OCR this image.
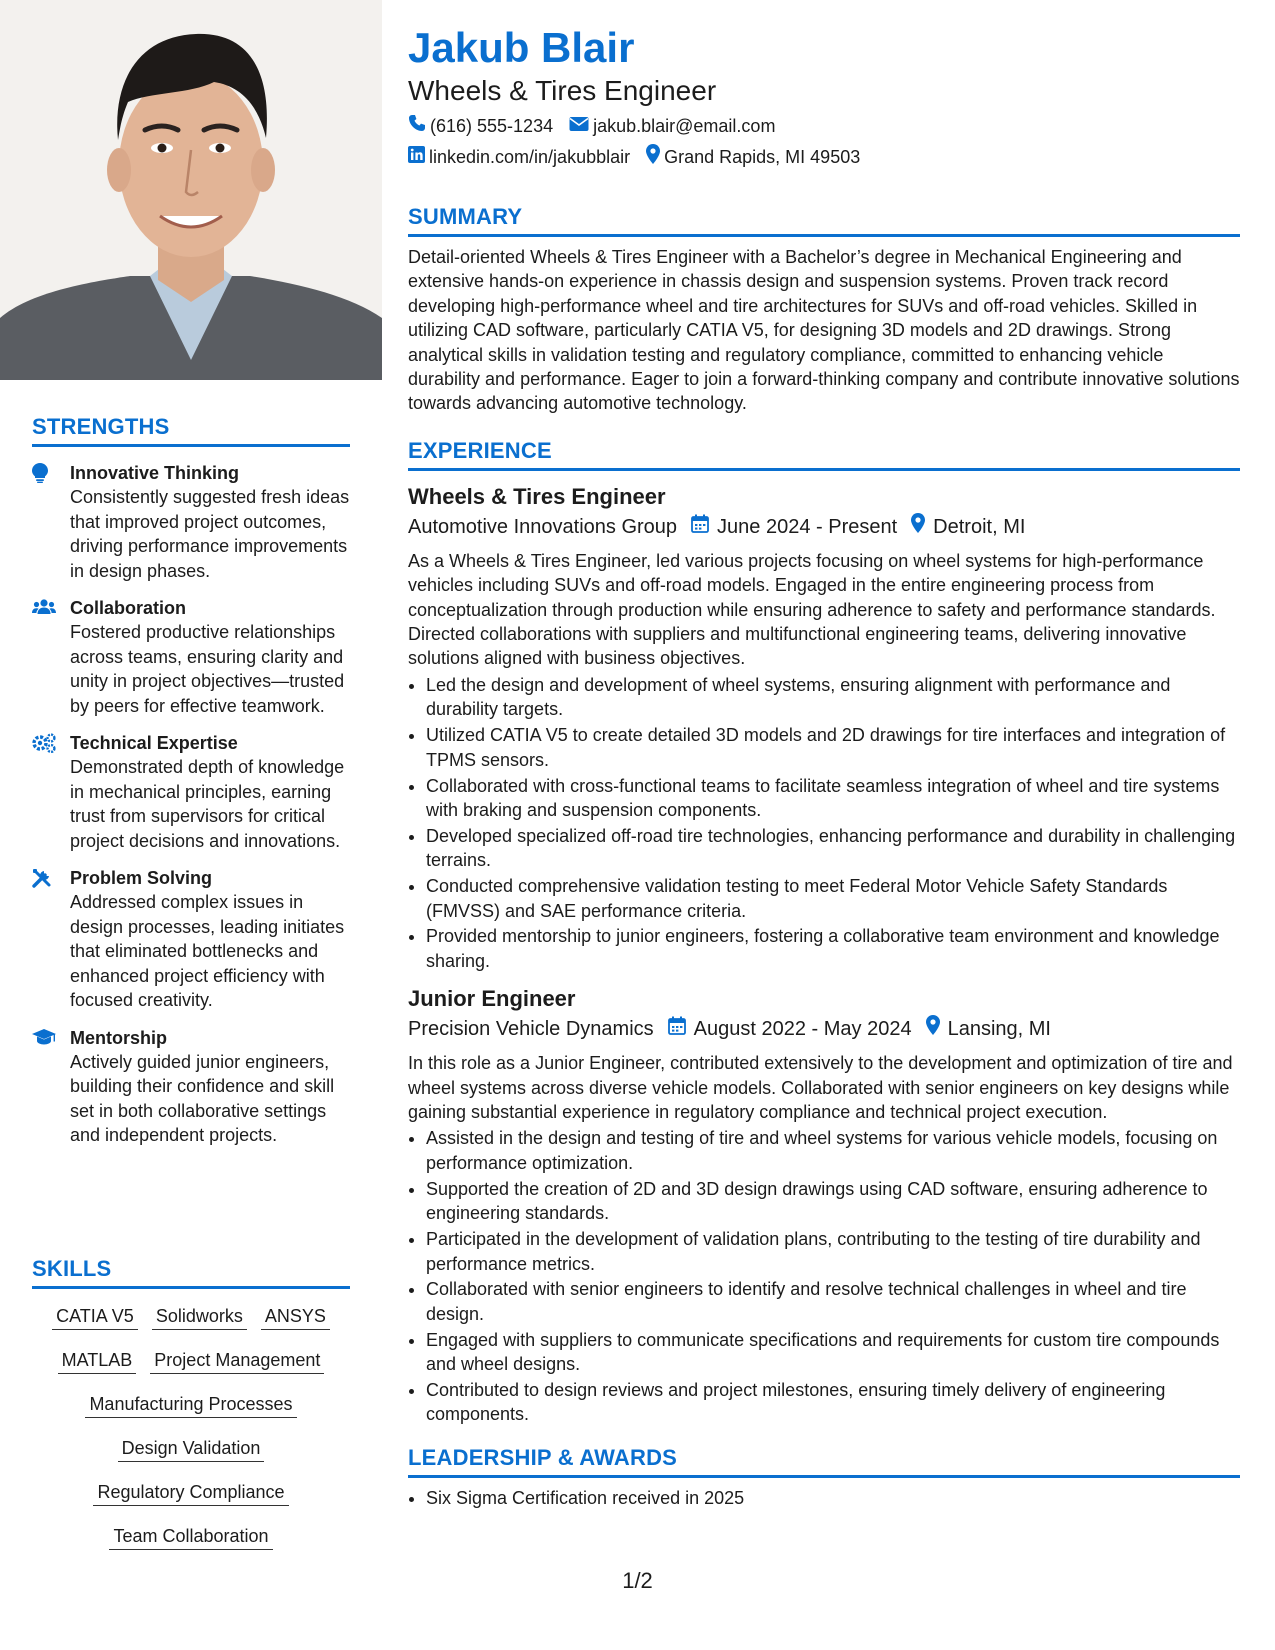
STRENGTHS
Innovative Thinking
Consistently suggested fresh ideas that improved project outcomes, driving performance improvements in design phases.
Collaboration
Fostered productive relationships across teams, ensuring clarity and unity in project objectives—trusted by peers for effective teamwork.
Technical Expertise
Demonstrated depth of knowledge in mechanical principles, earning trust from supervisors for critical project decisions and innovations.
Problem Solving
Addressed complex issues in design processes, leading initiates that eliminated bottlenecks and enhanced project efficiency with focused creativity.
Mentorship
Actively guided junior engineers, building their confidence and skill set in both collaborative settings and independent projects.
SKILLS
CATIA V5 Solidworks ANSYS
MATLAB Project Management
Manufacturing Processes
Design Validation
Regulatory Compliance
Team Collaboration
Jakub Blair
Wheels & Tires Engineer
(616) 555-1234 jakub.blair@email.com
linkedin.com/in/jakubblair Grand Rapids, MI 49503
SUMMARY

Detail-oriented Wheels & Tires Engineer with a Bachelor’s degree in Mechanical Engineering and extensive hands-on experience in chassis design and suspension systems. Proven track record developing high-performance wheel and tire architectures for SUVs and off-road vehicles. Skilled in utilizing CAD software, particularly CATIA V5, for designing 3D models and 2D drawings. Strong analytical skills in validation testing and regulatory compliance, committed to enhancing vehicle durability and performance. Eager to join a forward-thinking company and contribute innovative solutions towards advancing automotive technology.

EXPERIENCE
Wheels & Tires Engineer
Automotive Innovations Group June 2024 - Present Detroit, MI

As a Wheels & Tires Engineer, led various projects focusing on wheel systems for high-performance vehicles including SUVs and off-road models. Engaged in the entire engineering process from conceptualization through production while ensuring adherence to safety and performance standards. Directed collaborations with suppliers and multifunctional engineering teams, delivering innovative solutions aligned with business objectives.

• Led the design and development of wheel systems, ensuring alignment with performance and durability targets.
• Utilized CATIA V5 to create detailed 3D models and 2D drawings for tire interfaces and integration of TPMS sensors.
• Collaborated with cross-functional teams to facilitate seamless integration of wheel and tire systems with braking and suspension components.
• Developed specialized off-road tire technologies, enhancing performance and durability in challenging terrains.
• Conducted comprehensive validation testing to meet Federal Motor Vehicle Safety Standards (FMVSS) and SAE performance criteria.
• Provided mentorship to junior engineers, fostering a collaborative team environment and knowledge sharing.
Junior Engineer
Precision Vehicle Dynamics August 2022 - May 2024 Lansing, MI

In this role as a Junior Engineer, contributed extensively to the development and optimization of tire and wheel systems across diverse vehicle models. Collaborated with senior engineers on key designs while gaining substantial experience in regulatory compliance and technical project execution.

• Assisted in the design and testing of tire and wheel systems for various vehicle models, focusing on performance optimization.
• Supported the creation of 2D and 3D design drawings using CAD software, ensuring adherence to engineering standards.
• Participated in the development of validation plans, contributing to the testing of tire durability and performance metrics.
• Collaborated with senior engineers to identify and resolve technical challenges in wheel and tire design.
• Engaged with suppliers to communicate specifications and requirements for custom tire compounds and wheel designs.
• Contributed to design reviews and project milestones, ensuring timely delivery of engineering components.
LEADERSHIP & AWARDS
• Six Sigma Certification received in 2025
1/2
